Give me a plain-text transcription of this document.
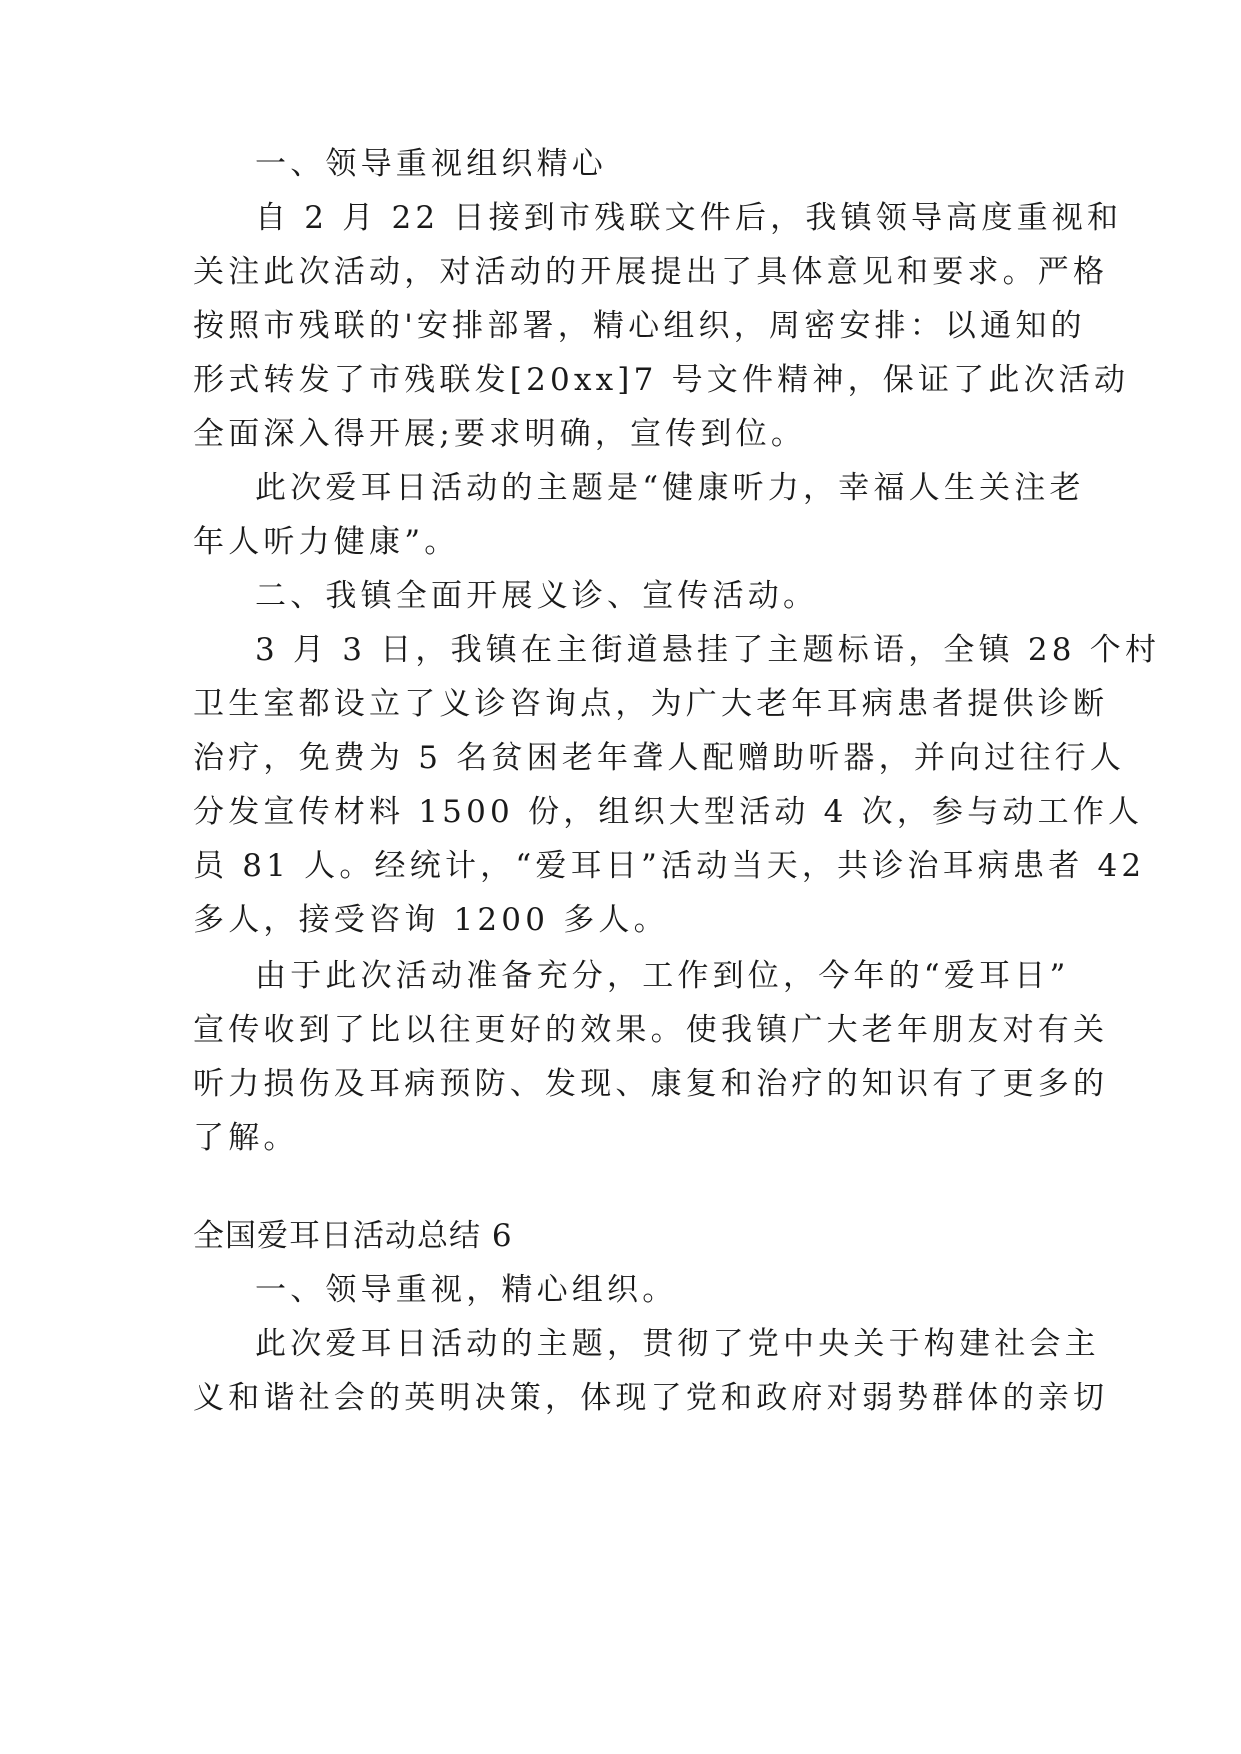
一、领导重视组织精心
自 2 月 22 日接到市残联文件后，我镇领导高度重视和
关注此次活动，对活动的开展提出了具体意见和要求。严格
按照市残联的'安排部署，精心组织，周密安排：以通知的
形式转发了市残联发[20xx]7 号文件精神，保证了此次活动
全面深入得开展;要求明确，宣传到位。
此次爱耳日活动的主题是“健康听力，幸福人生关注老
年人听力健康”。
二、我镇全面开展义诊、宣传活动。
3 月 3 日，我镇在主街道悬挂了主题标语，全镇 28 个村
卫生室都设立了义诊咨询点，为广大老年耳病患者提供诊断
治疗，免费为 5 名贫困老年聋人配赠助听器，并向过往行人
分发宣传材料 1500 份，组织大型活动 4 次，参与动工作人
员 81 人。经统计，“爱耳日”活动当天，共诊治耳病患者 42
多人，接受咨询 1200 多人。
由于此次活动准备充分，工作到位，今年的“爱耳日”
宣传收到了比以往更好的效果。使我镇广大老年朋友对有关
听力损伤及耳病预防、发现、康复和治疗的知识有了更多的
了解。
全国爱耳日活动总结 6
一、领导重视，精心组织。
此次爱耳日活动的主题，贯彻了党中央关于构建社会主
义和谐社会的英明决策，体现了党和政府对弱势群体的亲切
